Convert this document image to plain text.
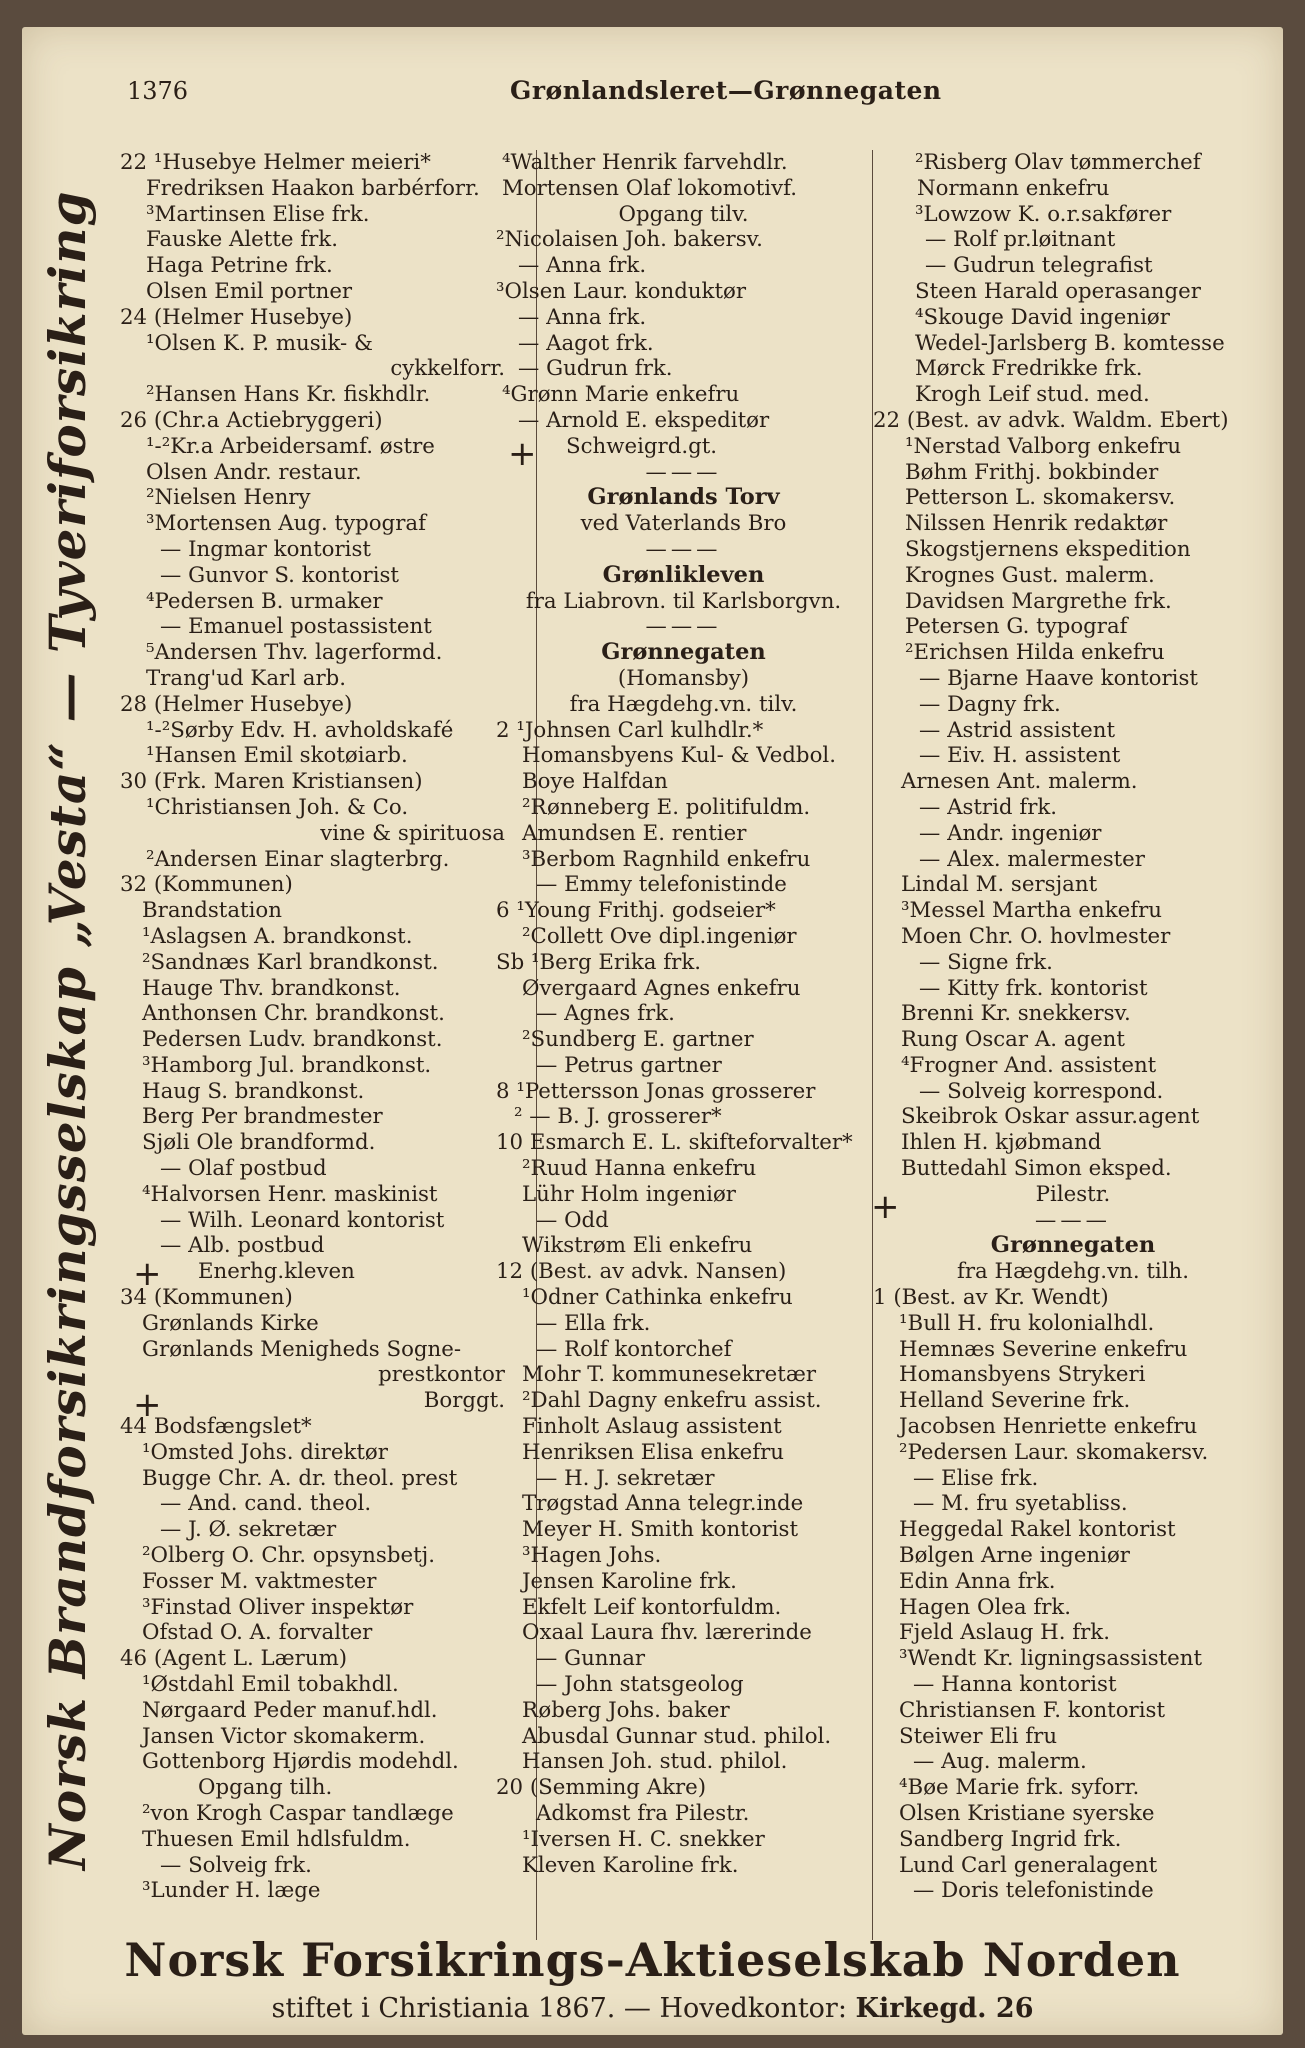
1376	Grønlandsleret—Grønnegaten
Norsk Brandforsikringsselskap „Vesta“ — Tyveriforsikring
22 ¹Husebye Helmer meieri*
Fredriksen Haakon barbérforr.
³Martinsen Elise frk.
Fauske Alette frk.
Haga Petrine frk.
Olsen Emil portner
24 (Helmer Husebye)
¹Olsen K. P. musik- &
cykkelforr.
²Hansen Hans Kr. fiskhdlr.
26 (Chr.a Actiebryggeri)
¹-²Kr.a Arbeidersamf. østre
Olsen Andr. restaur.
²Nielsen Henry
³Mortensen Aug. typograf
— Ingmar kontorist
— Gunvor S. kontorist
⁴Pedersen B. urmaker
— Emanuel postassistent
⁵Andersen Thv. lagerformd.
Trang'ud Karl arb.
28 (Helmer Husebye)
¹-²Sørby Edv. H. avholdskafé
¹Hansen Emil skotøiarb.
30 (Frk. Maren Kristiansen)
¹Christiansen Joh. & Co.
vine & spirituosa
²Andersen Einar slagterbrg.
32 (Kommunen)
Brandstation
¹Aslagsen A. brandkonst.
²Sandnæs Karl brandkonst.
Hauge Thv. brandkonst.
Anthonsen Chr. brandkonst.
Pedersen Ludv. brandkonst.
³Hamborg Jul. brandkonst.
Haug S. brandkonst.
Berg Per brandmester
Sjøli Ole brandformd.
— Olaf postbud
⁴Halvorsen Henr. maskinist
— Wilh. Leonard kontorist
— Alb. postbud
Enerhg.kleven
34 (Kommunen)
Grønlands Kirke
Grønlands Menigheds Sogne-
prestkontor
Borggt.
44 Bodsfængslet*
¹Omsted Johs. direktør
Bugge Chr. A. dr. theol. prest
— And. cand. theol.
— J. Ø. sekretær
²Olberg O. Chr. opsynsbetj.
Fosser M. vaktmester
³Finstad Oliver inspektør
Ofstad O. A. forvalter
46 (Agent L. Lærum)
¹Østdahl Emil tobakhdl.
Nørgaard Peder manuf.hdl.
Jansen Victor skomakerm.
Gottenborg Hjørdis modehdl.
Opgang tilh.
²von Krogh Caspar tandlæge
Thuesen Emil hdlsfuldm.
— Solveig frk.
³Lunder H. læge
⁴Walther Henrik farvehdlr.
Mortensen Olaf lokomotivf.
Opgang tilv.
²Nicolaisen Joh. bakersv.
— Anna frk.
³Olsen Laur. konduktør
— Anna frk.
— Aagot frk.
— Gudrun frk.
⁴Grønn Marie enkefru
— Arnold E. ekspeditør
Schweigrd.gt.
———
Grønlands Torv
ved Vaterlands Bro
———
Grønlikleven
fra Liabrovn. til Karlsborgvn.
———
Grønnegaten
(Homansby)
fra Hægdehg.vn. tilv.
2 ¹Johnsen Carl kulhdlr.*
Homansbyens Kul- & Vedbol.
Boye Halfdan
²Rønneberg E. politifuldm.
Amundsen E. rentier
³Berbom Ragnhild enkefru
— Emmy telefonistinde
6 ¹Young Frithj. godseier*
²Collett Ove dipl.ingeniør
Sb ¹Berg Erika frk.
Øvergaard Agnes enkefru
— Agnes frk.
²Sundberg E. gartner
— Petrus gartner
8 ¹Pettersson Jonas grosserer
² — B. J. grosserer*
10 Esmarch E. L. skifteforvalter*
²Ruud Hanna enkefru
Lühr Holm ingeniør
— Odd
Wikstrøm Eli enkefru
12 (Best. av advk. Nansen)
¹Odner Cathinka enkefru
— Ella frk.
— Rolf kontorchef
Mohr T. kommunesekretær
²Dahl Dagny enkefru assist.
Finholt Aslaug assistent
Henriksen Elisa enkefru
— H. J. sekretær
Trøgstad Anna telegr.inde
Meyer H. Smith kontorist
³Hagen Johs.
Jensen Karoline frk.
Ekfelt Leif kontorfuldm.
Oxaal Laura fhv. lærerinde
— Gunnar
— John statsgeolog
Røberg Johs. baker
Abusdal Gunnar stud. philol.
Hansen Joh. stud. philol.
20 (Semming Akre)
Adkomst fra Pilestr.
¹Iversen H. C. snekker
Kleven Karoline frk.
²Risberg Olav tømmerchef
Normann enkefru
³Lowzow K. o.r.sakfører
— Rolf pr.løitnant
— Gudrun telegrafist
Steen Harald operasanger
⁴Skouge David ingeniør
Wedel-Jarlsberg B. komtesse
Mørck Fredrikke frk.
Krogh Leif stud. med.
22 (Best. av advk. Waldm. Ebert)
¹Nerstad Valborg enkefru
Bøhm Frithj. bokbinder
Petterson L. skomakersv.
Nilssen Henrik redaktør
Skogstjernens ekspedition
Krognes Gust. malerm.
Davidsen Margrethe frk.
Petersen G. typograf
²Erichsen Hilda enkefru
— Bjarne Haave kontorist
— Dagny frk.
— Astrid assistent
— Eiv. H. assistent
Arnesen Ant. malerm.
— Astrid frk.
— Andr. ingeniør
— Alex. malermester
Lindal M. sersjant
³Messel Martha enkefru
Moen Chr. O. hovlmester
— Signe frk.
— Kitty frk. kontorist
Brenni Kr. snekkersv.
Rung Oscar A. agent
⁴Frogner And. assistent
— Solveig korrespond.
Skeibrok Oskar assur.agent
Ihlen H. kjøbmand
Buttedahl Simon eksped.
Pilestr.
———
Grønnegaten
fra Hægdehg.vn. tilh.
1 (Best. av Kr. Wendt)
¹Bull H. fru kolonialhdl.
Hemnæs Severine enkefru
Homansbyens Strykeri
Helland Severine frk.
Jacobsen Henriette enkefru
²Pedersen Laur. skomakersv.
— Elise frk.
— M. fru syetabliss.
Heggedal Rakel kontorist
Bølgen Arne ingeniør
Edin Anna frk.
Hagen Olea frk.
Fjeld Aslaug H. frk.
³Wendt Kr. ligningsassistent
— Hanna kontorist
Christiansen F. kontorist
Steiwer Eli fru
— Aug. malerm.
⁴Bøe Marie frk. syforr.
Olsen Kristiane syerske
Sandberg Ingrid frk.
Lund Carl generalagent
— Doris telefonistinde
+
+
+
+
Norsk Forsikrings-Aktieselskab Norden
stiftet i Christiania 1867. — Hovedkontor: Kirkegd. 26
